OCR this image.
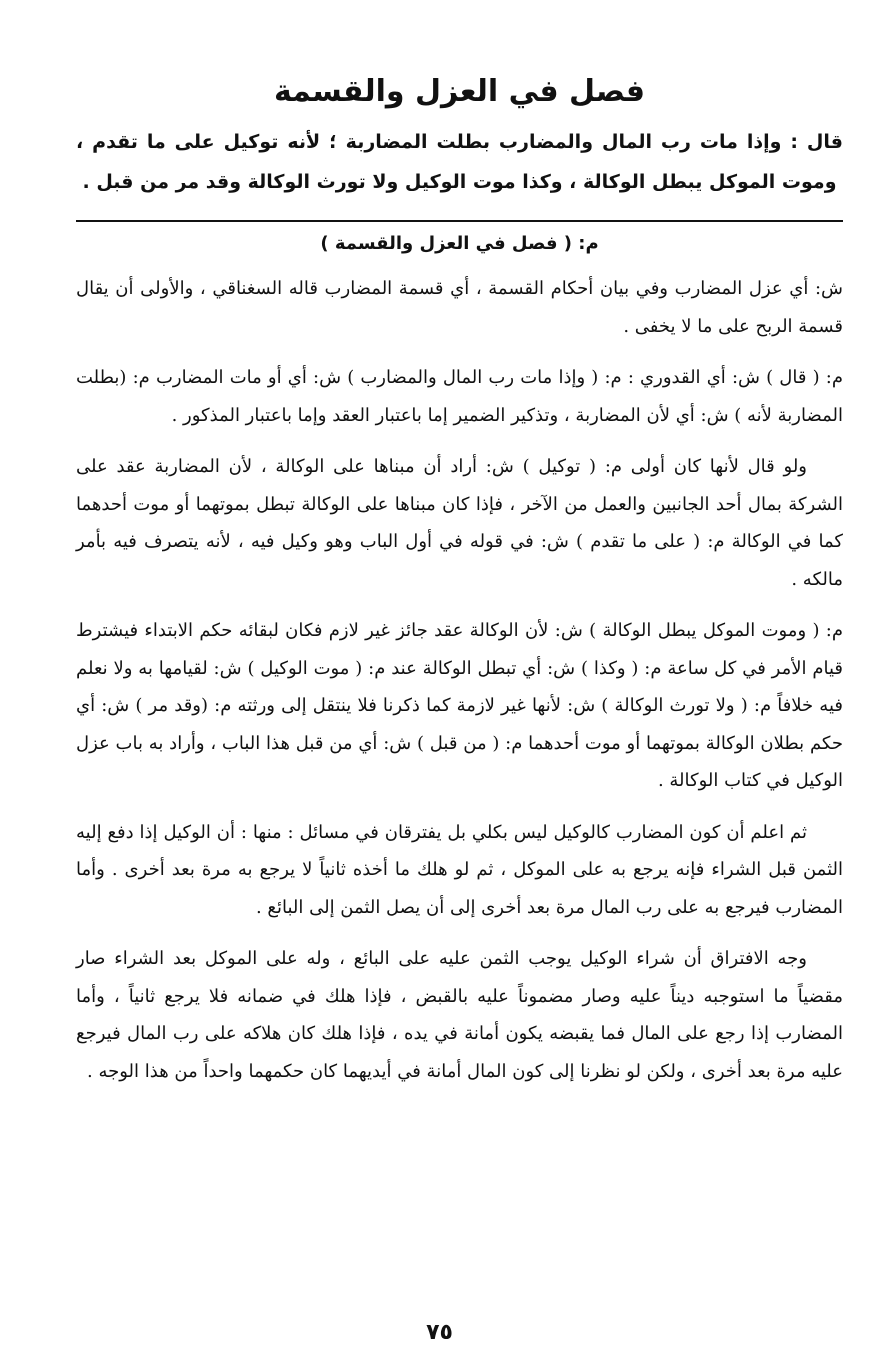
فصل في العزل والقسمة

قال : وإذا مات رب المال والمضارب بطلت المضاربة ؛ لأنه توكيل على ما تقدم ، وموت الموكل يبطل الوكالة ، وكذا موت الوكيل ولا تورث الوكالة وقد مر من قبل .

م: ( فصل في العزل والقسمة )

ش: أي عزل المضارب وفي بيان أحكام القسمة ، أي قسمة المضارب قاله السغناقي ، والأولى أن يقال قسمة الربح على ما لا يخفى .

م: ( قال ) ش: أي القدوري : م: ( وإذا مات رب المال والمضارب ) ش: أي أو مات المضارب م: (بطلت المضاربة لأنه ) ش: أي لأن المضاربة ، وتذكير الضمير إما باعتبار العقد وإما باعتبار المذكور .

ولو قال لأنها كان أولى م: ( توكيل ) ش: أراد أن مبناها على الوكالة ، لأن المضاربة عقد على الشركة بمال أحد الجانبين والعمل من الآخر ، فإذا كان مبناها على الوكالة تبطل بموتهما أو موت أحدهما كما في الوكالة م: ( على ما تقدم ) ش: في قوله في أول الباب وهو وكيل فيه ، لأنه يتصرف فيه بأمر مالكه .

م: ( وموت الموكل يبطل الوكالة ) ش: لأن الوكالة عقد جائز غير لازم فكان لبقائه حكم الابتداء فيشترط قيام الأمر في كل ساعة م: ( وكذا ) ش: أي تبطل الوكالة عند م: ( موت الوكيل ) ش: لقيامها به ولا نعلم فيه خلافاً م: ( ولا تورث الوكالة ) ش: لأنها غير لازمة كما ذكرنا فلا ينتقل إلى ورثته م: (وقد مر ) ش: أي حكم بطلان الوكالة بموتهما أو موت أحدهما م: ( من قبل ) ش: أي من قبل هذا الباب ، وأراد به باب عزل الوكيل في كتاب الوكالة .

ثم اعلم أن كون المضارب كالوكيل ليس بكلي بل يفترقان في مسائل : منها : أن الوكيل إذا دفع إليه الثمن قبل الشراء فإنه يرجع به على الموكل ، ثم لو هلك ما أخذه ثانياً لا يرجع به مرة بعد أخرى . وأما المضارب فيرجع به على رب المال مرة بعد أخرى إلى أن يصل الثمن إلى البائع .

وجه الافتراق أن شراء الوكيل يوجب الثمن عليه على البائع ، وله على الموكل بعد الشراء صار مقضياً ما استوجبه ديناً عليه وصار مضموناً عليه بالقبض ، فإذا هلك في ضمانه فلا يرجع ثانياً ، وأما المضارب إذا رجع على المال فما يقبضه يكون أمانة في يده ، فإذا هلك كان هلاكه على رب المال فيرجع عليه مرة بعد أخرى ، ولكن لو نظرنا إلى كون المال أمانة في أيديهما كان حكمهما واحداً من هذا الوجه .

٧٥
